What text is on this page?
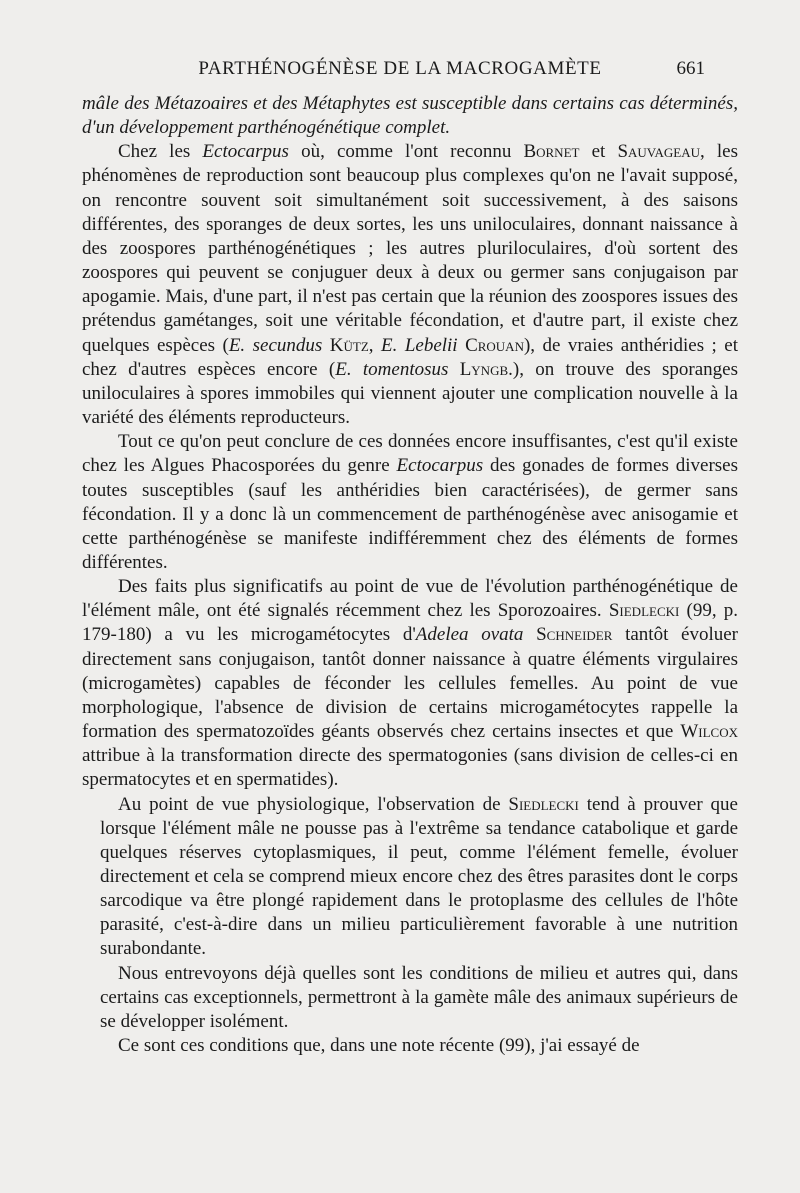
PARTHÉNOGÉNÈSE DE LA MACROGAMÈTE	661

mâle des Métazoaires et des Métaphytes est susceptible dans certains cas déterminés, d'un développement parthénogénétique complet.

Chez les Ectocarpus où, comme l'ont reconnu Bornet et Sauvageau, les phénomènes de reproduction sont beaucoup plus complexes qu'on ne l'avait supposé, on rencontre souvent soit simultanément soit successivement, à des saisons différentes, des sporanges de deux sortes, les uns uniloculaires, donnant naissance à des zoospores parthénogénétiques ; les autres pluriloculaires, d'où sortent des zoospores qui peuvent se conjuguer deux à deux ou germer sans conjugaison par apogamie. Mais, d'une part, il n'est pas certain que la réunion des zoospores issues des prétendus gamétanges, soit une véritable fécondation, et d'autre part, il existe chez quelques espèces (E. secundus Kütz, E. Lebelii Crouan), de vraies anthéridies ; et chez d'autres espèces encore (E. tomentosus Lyngb.), on trouve des sporanges uniloculaires à spores immobiles qui viennent ajouter une complication nouvelle à la variété des éléments reproducteurs.

Tout ce qu'on peut conclure de ces données encore insuffisantes, c'est qu'il existe chez les Algues Phacosporées du genre Ectocarpus des gonades de formes diverses toutes susceptibles (sauf les anthéridies bien caractérisées), de germer sans fécondation. Il y a donc là un commencement de parthénogénèse avec anisogamie et cette parthénogénèse se manifeste indifféremment chez des éléments de formes différentes.

Des faits plus significatifs au point de vue de l'évolution parthénogénétique de l'élément mâle, ont été signalés récemment chez les Sporozoaires. Siedlecki (99, p. 179-180) a vu les microgamétocytes d'Adelea ovata Schneider tantôt évoluer directement sans conjugaison, tantôt donner naissance à quatre éléments virgulaires (microgamètes) capables de féconder les cellules femelles. Au point de vue morphologique, l'absence de division de certains microgamétocytes rappelle la formation des spermatozoïdes géants observés chez certains insectes et que Wilcox attribue à la transformation directe des spermatogonies (sans division de celles-ci en spermatocytes et en spermatides).

Au point de vue physiologique, l'observation de Siedlecki tend à prouver que lorsque l'élément mâle ne pousse pas à l'extrême sa tendance catabolique et garde quelques réserves cytoplasmiques, il peut, comme l'élément femelle, évoluer directement et cela se comprend mieux encore chez des êtres parasites dont le corps sarcodique va être plongé rapidement dans le protoplasme des cellules de l'hôte parasité, c'est-à-dire dans un milieu particulièrement favorable à une nutrition surabondante.

Nous entrevoyons déjà quelles sont les conditions de milieu et autres qui, dans certains cas exceptionnels, permettront à la gamète mâle des animaux supérieurs de se développer isolément.

Ce sont ces conditions que, dans une note récente (99), j'ai essayé de
